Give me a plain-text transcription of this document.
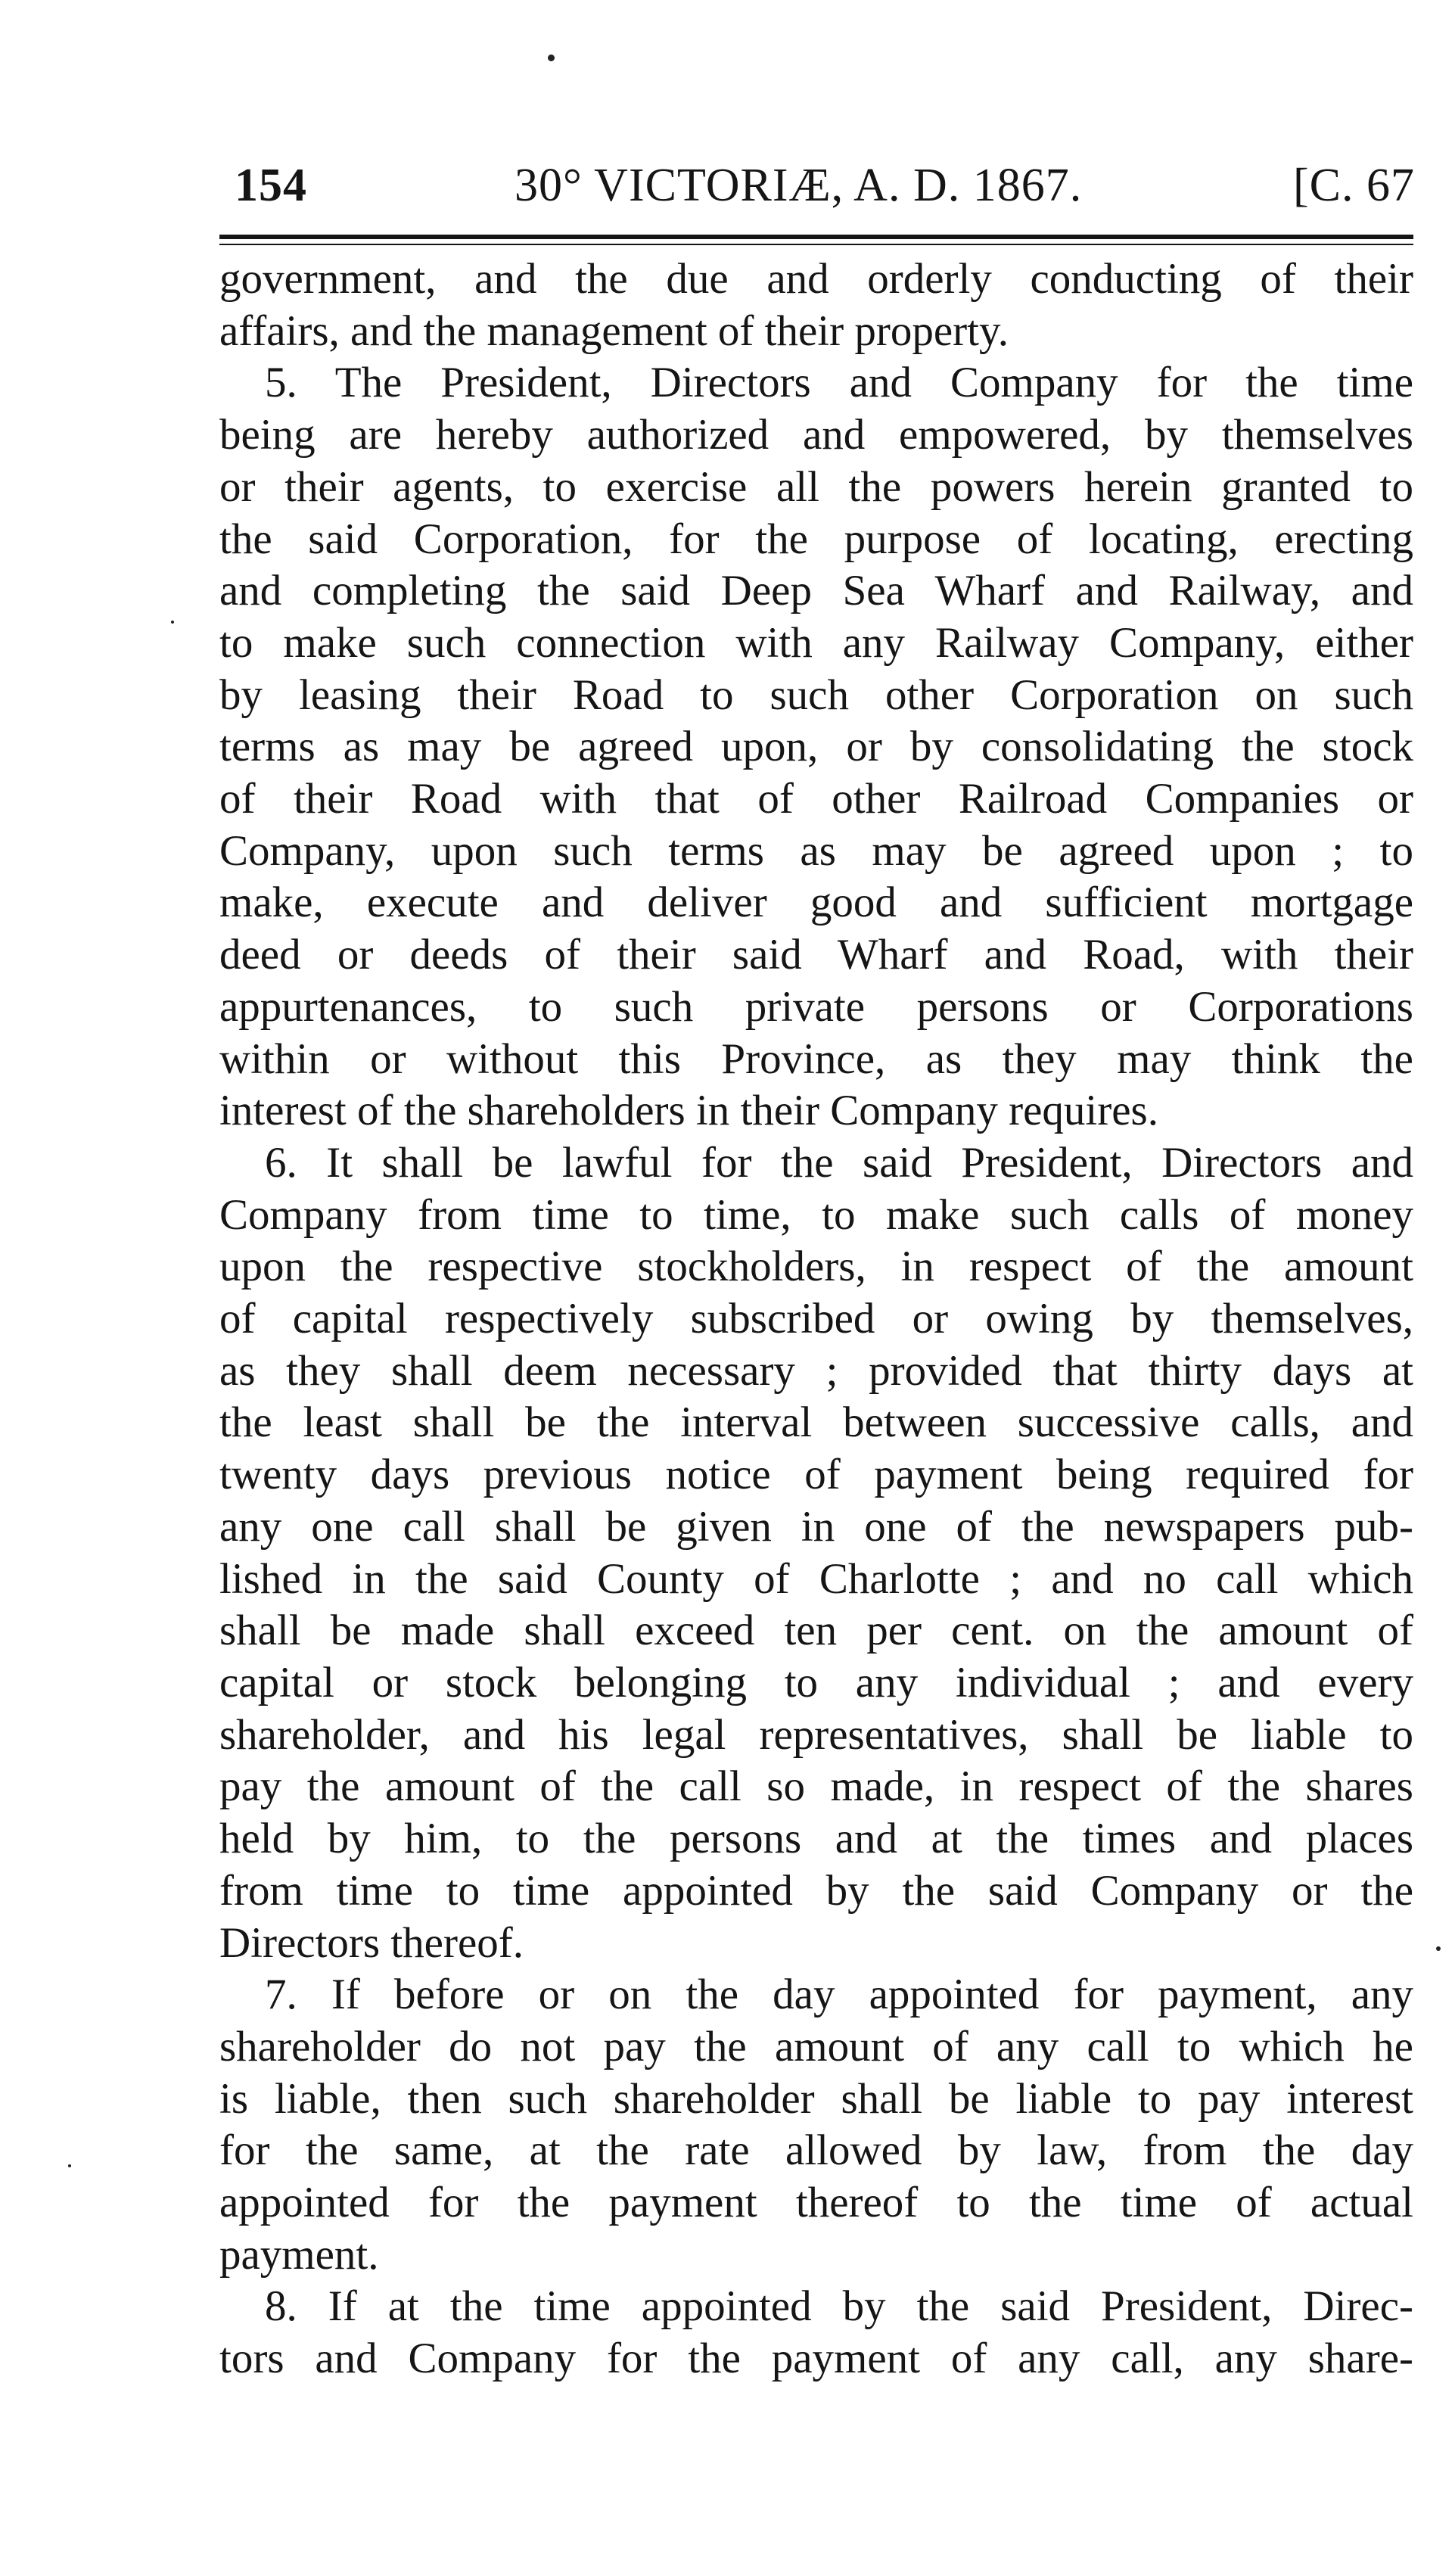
154	30° VICTORIÆ, A. D. 1867.	[C. 67

government, and the due and orderly conducting of their
affairs, and the management of their property.

5. The President, Directors and Company for the time
being are hereby authorized and empowered, by themselves
or their agents, to exercise all the powers herein granted to
the said Corporation, for the purpose of locating, erecting
and completing the said Deep Sea Wharf and Railway, and
to make such connection with any Railway Company, either
by leasing their Road to such other Corporation on such
terms as may be agreed upon, or by consolidating the stock
of their Road with that of other Railroad Companies or
Company, upon such terms as may be agreed upon ; to
make, execute and deliver good and sufficient mortgage
deed or deeds of their said Wharf and Road, with their
appurtenances, to such private persons or Corporations
within or without this Province, as they may think the
interest of the shareholders in their Company requires.

6. It shall be lawful for the said President, Directors and
Company from time to time, to make such calls of money
upon the respective stockholders, in respect of the amount
of capital respectively subscribed or owing by themselves,
as they shall deem necessary ; provided that thirty days at
the least shall be the interval between successive calls, and
twenty days previous notice of payment being required for
any one call shall be given in one of the newspapers pub-
lished in the said County of Charlotte ; and no call which
shall be made shall exceed ten per cent. on the amount of
capital or stock belonging to any individual ; and every
shareholder, and his legal representatives, shall be liable to
pay the amount of the call so made, in respect of the shares
held by him, to the persons and at the times and places
from time to time appointed by the said Company or the
Directors thereof.

7. If before or on the day appointed for payment, any
shareholder do not pay the amount of any call to which he
is liable, then such shareholder shall be liable to pay interest
for the same, at the rate allowed by law, from the day
appointed for the payment thereof to the time of actual
payment.

8. If at the time appointed by the said President, Direc-
tors and Company for the payment of any call, any share-
